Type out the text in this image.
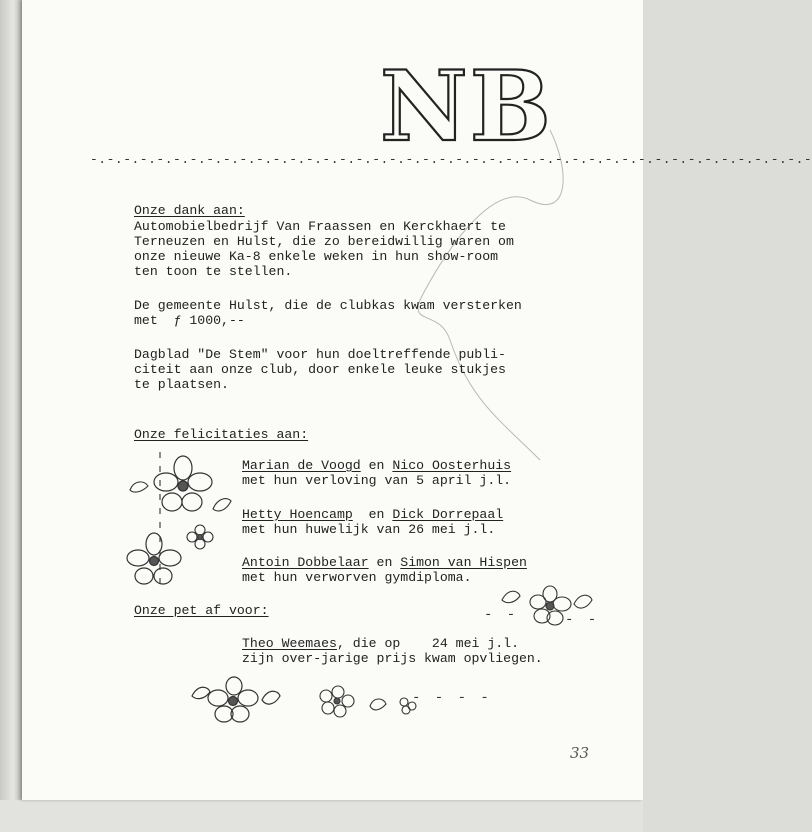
NB
-.-.-.-.-.-.-.-.-.-.-.-.-.-.-.-.-.-.-.-.-.-.-.-.-.-.-.-.-.-.-.-.-.-.-.-.-.-.-.-.-.-.-.-
Onze dank aan:
Automobielbedrijf Van Fraassen en Kerckhaert te
Terneuzen en Hulst, die zo bereidwillig waren om
onze nieuwe Ka-8 enkele weken in hun show-room
ten toon te stellen.
De gemeente Hulst, die de clubkas kwam versterken
met  ƒ 1000,--
Dagblad "De Stem" voor hun doeltreffende publi-
citeit aan onze club, door enkele leuke stukjes
te plaatsen.
Onze felicitaties aan:
Marian de Voogd en Nico Oosterhuis
met hun verloving van 5 april j.l.
Hetty Hoencamp  en Dick Dorrepaal
met hun huwelijk van 26 mei j.l.
Antoin Dobbelaar en Simon van Hispen
met hun verworven gymdiploma.
Onze pet af voor:
Theo Weemaes, die op    24 mei j.l.
zijn over-jarige prijs kwam opvliegen.
- -	- -
- - - -
33
